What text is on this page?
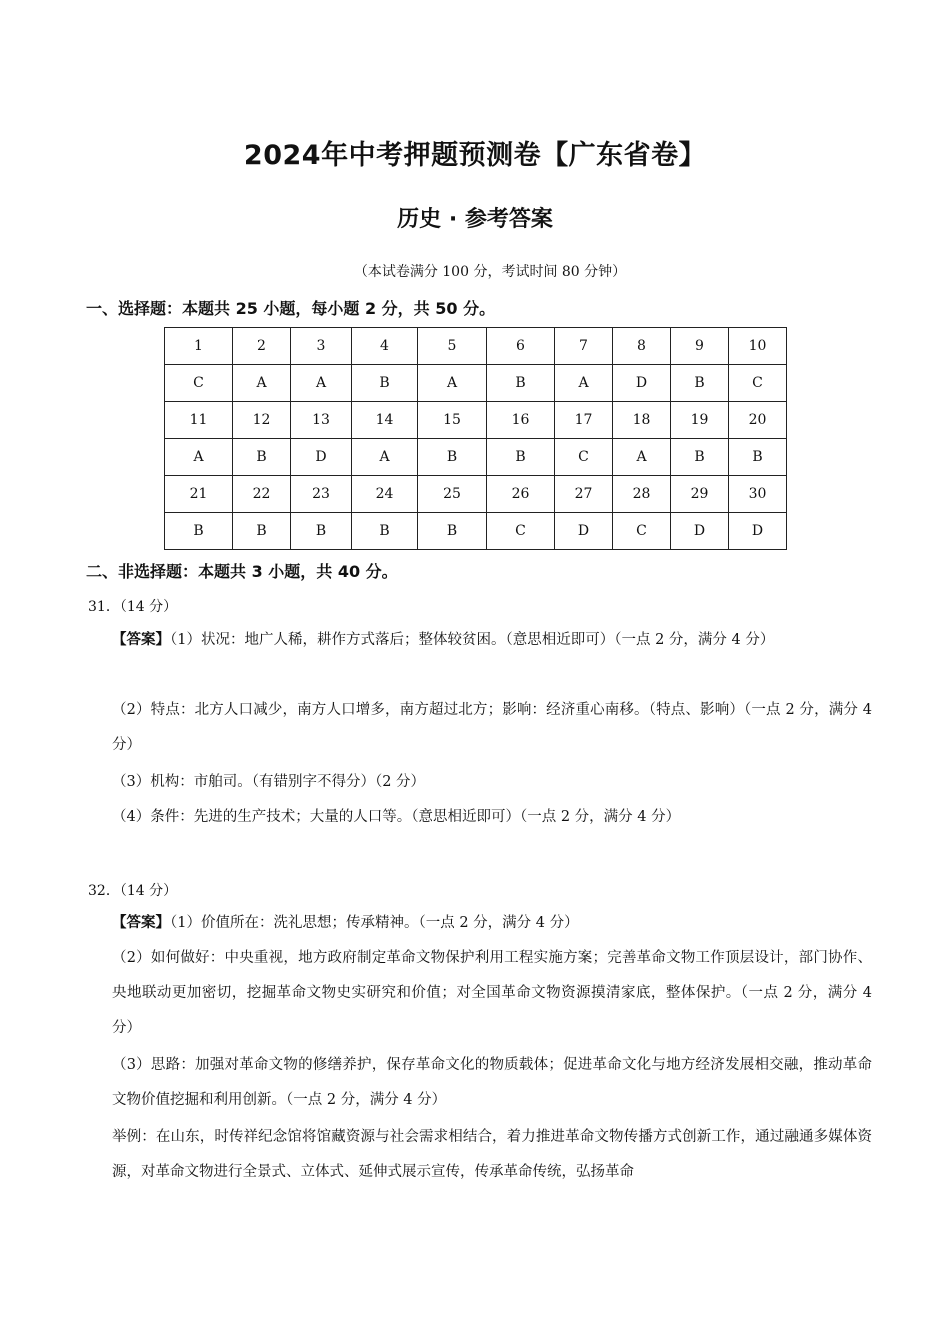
2024年中考押题预测卷【广东省卷】
历史 · 参考答案
（本试卷满分 100 分，考试时间 80 分钟）
一、选择题：本题共 25 小题，每小题 2 分，共 50 分。
1	2	3	4	5	6	7	8	9	10
C	A	A	B	A	B	A	D	B	C
11	12	13	14	15	16	17	18	19	20
A	B	D	A	B	B	C	A	B	B
21	22	23	24	25	26	27	28	29	30
B	B	B	B	B	C	D	C	D	D
二、非选择题：本题共 3 小题，共 40 分。
31．（14 分）
【答案】（1）状况：地广人稀，耕作方式落后；整体较贫困。（意思相近即可）（一点 2 分，满分 4 分）
（2）特点：北方人口减少，南方人口增多，南方超过北方；影响：经济重心南移。（特点、影响）（一点 2 分，满分 4 分）
（3）机构：市舶司。（有错别字不得分）（2 分）
（4）条件：先进的生产技术；大量的人口等。（意思相近即可）（一点 2 分，满分 4 分）
32．（14 分）
【答案】（1）价值所在：洗礼思想；传承精神。（一点 2 分，满分 4 分）
（2）如何做好：中央重视，地方政府制定革命文物保护利用工程实施方案；完善革命文物工作顶层设计，部门协作、央地联动更加密切，挖掘革命文物史实研究和价值；对全国革命文物资源摸清家底，整体保护。（一点 2 分，满分 4 分）
（3）思路：加强对革命文物的修缮养护，保存革命文化的物质载体；促进革命文化与地方经济发展相交融，推动革命文物价值挖掘和利用创新。（一点 2 分，满分 4 分）
举例：在山东，时传祥纪念馆将馆藏资源与社会需求相结合，着力推进革命文物传播方式创新工作，通过融通多媒体资源，对革命文物进行全景式、立体式、延伸式展示宣传，传承革命传统，弘扬革命
